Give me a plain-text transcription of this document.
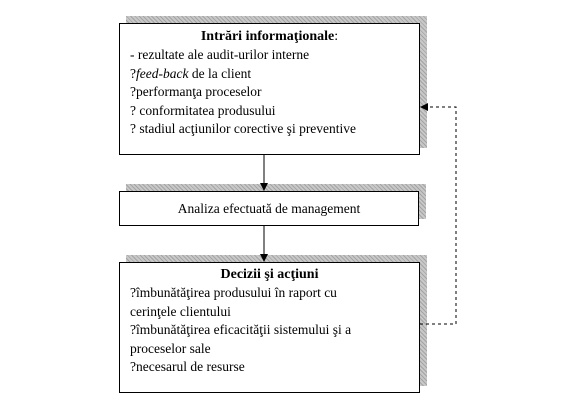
Intrări informaţionale:
- rezultate ale audit-urilor interne
?feed-back de la client
?performanţa proceselor
? conformitatea produsului
? stadiul acţiunilor corective şi preventive
Analiza efectuată de management
Decizii şi acţiuni
?îmbunătăţirea produsului în raport cu
cerinţele clientului
?îmbunătăţirea eficacităţii sistemului şi a
proceselor sale
?necesarul de resurse
